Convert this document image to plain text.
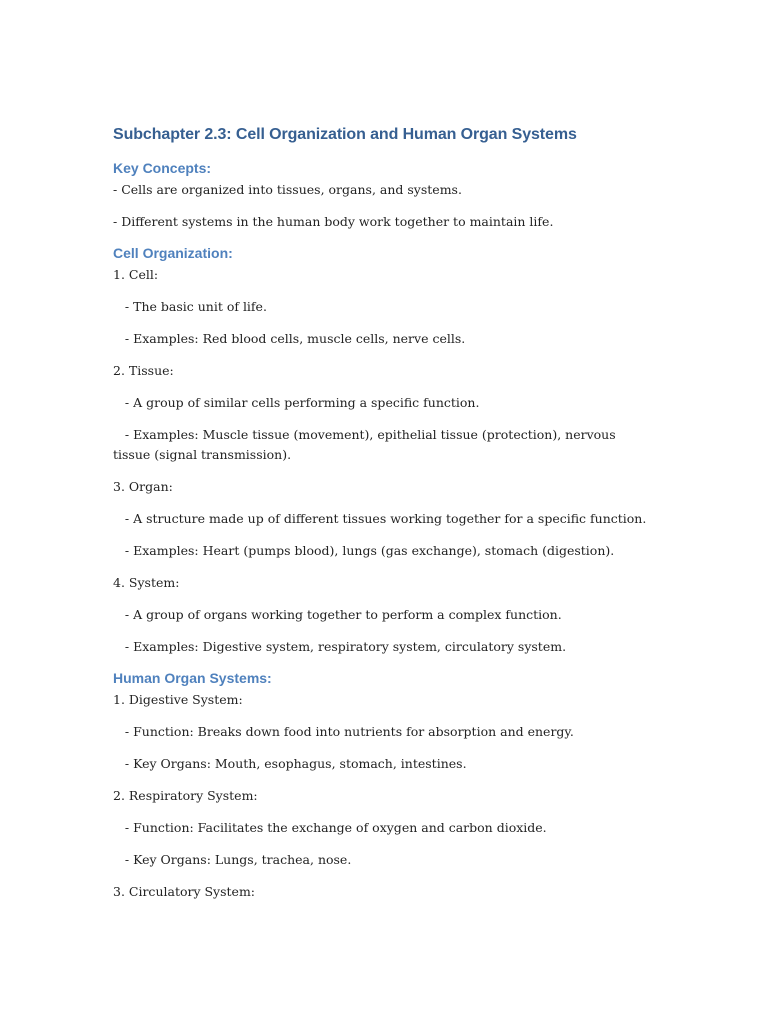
Subchapter 2.3: Cell Organization and Human Organ Systems
Key Concepts:

- Cells are organized into tissues, organs, and systems.

- Different systems in the human body work together to maintain life.

Cell Organization:

1. Cell:

- The basic unit of life.

- Examples: Red blood cells, muscle cells, nerve cells.

2. Tissue:

- A group of similar cells performing a specific function.

- Examples: Muscle tissue (movement), epithelial tissue (protection), nervous tissue (signal transmission).

3. Organ:

- A structure made up of different tissues working together for a specific function.

- Examples: Heart (pumps blood), lungs (gas exchange), stomach (digestion).

4. System:

- A group of organs working together to perform a complex function.

- Examples: Digestive system, respiratory system, circulatory system.

Human Organ Systems:

1. Digestive System:

- Function: Breaks down food into nutrients for absorption and energy.

- Key Organs: Mouth, esophagus, stomach, intestines.

2. Respiratory System:

- Function: Facilitates the exchange of oxygen and carbon dioxide.

- Key Organs: Lungs, trachea, nose.

3. Circulatory System:
